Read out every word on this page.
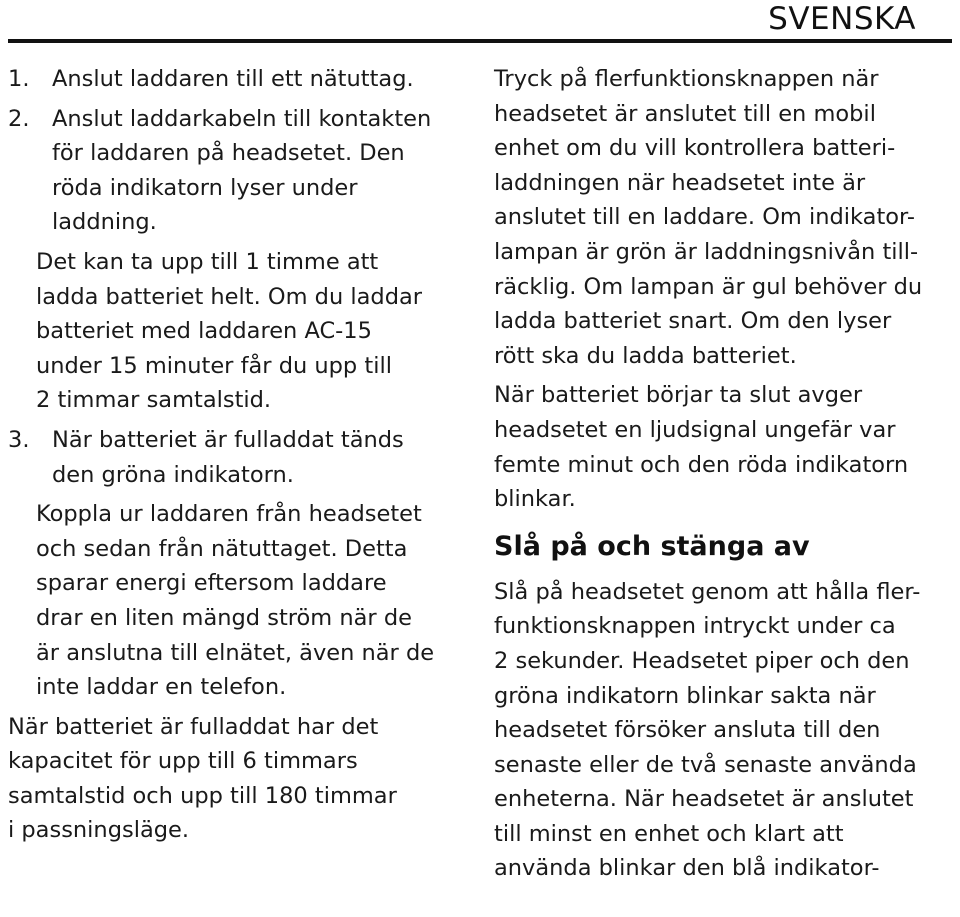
SVENSKA
1.	Anslut laddaren till ett nätuttag.

2.	Anslut laddarkabeln till kontakten
för laddaren på headsetet. Den
röda indikatorn lyser under
laddning.

Det kan ta upp till 1 timme att
ladda batteriet helt. Om du laddar
batteriet med laddaren AC-15
under 15 minuter får du upp till
2 timmar samtalstid.

3.	När batteriet är fulladdat tänds
den gröna indikatorn.

Koppla ur laddaren från headsetet
och sedan från nätuttaget. Detta
sparar energi eftersom laddare
drar en liten mängd ström när de
är anslutna till elnätet, även när de
inte laddar en telefon.

När batteriet är fulladdat har det
kapacitet för upp till 6 timmars
samtalstid och upp till 180 timmar
i passningsläge.

Tryck på flerfunktionsknappen när
headsetet är anslutet till en mobil
enhet om du vill kontrollera batteri-
laddningen när headsetet inte är
anslutet till en laddare. Om indikator-
lampan är grön är laddningsnivån till-
räcklig. Om lampan är gul behöver du
ladda batteriet snart. Om den lyser
rött ska du ladda batteriet.

När batteriet börjar ta slut avger
headsetet en ljudsignal ungefär var
femte minut och den röda indikatorn
blinkar.

Slå på och stänga av

Slå på headsetet genom att hålla fler-
funktionsknappen intryckt under ca
2 sekunder. Headsetet piper och den
gröna indikatorn blinkar sakta när
headsetet försöker ansluta till den
senaste eller de två senaste använda
enheterna. När headsetet är anslutet
till minst en enhet och klart att
använda blinkar den blå indikator-
